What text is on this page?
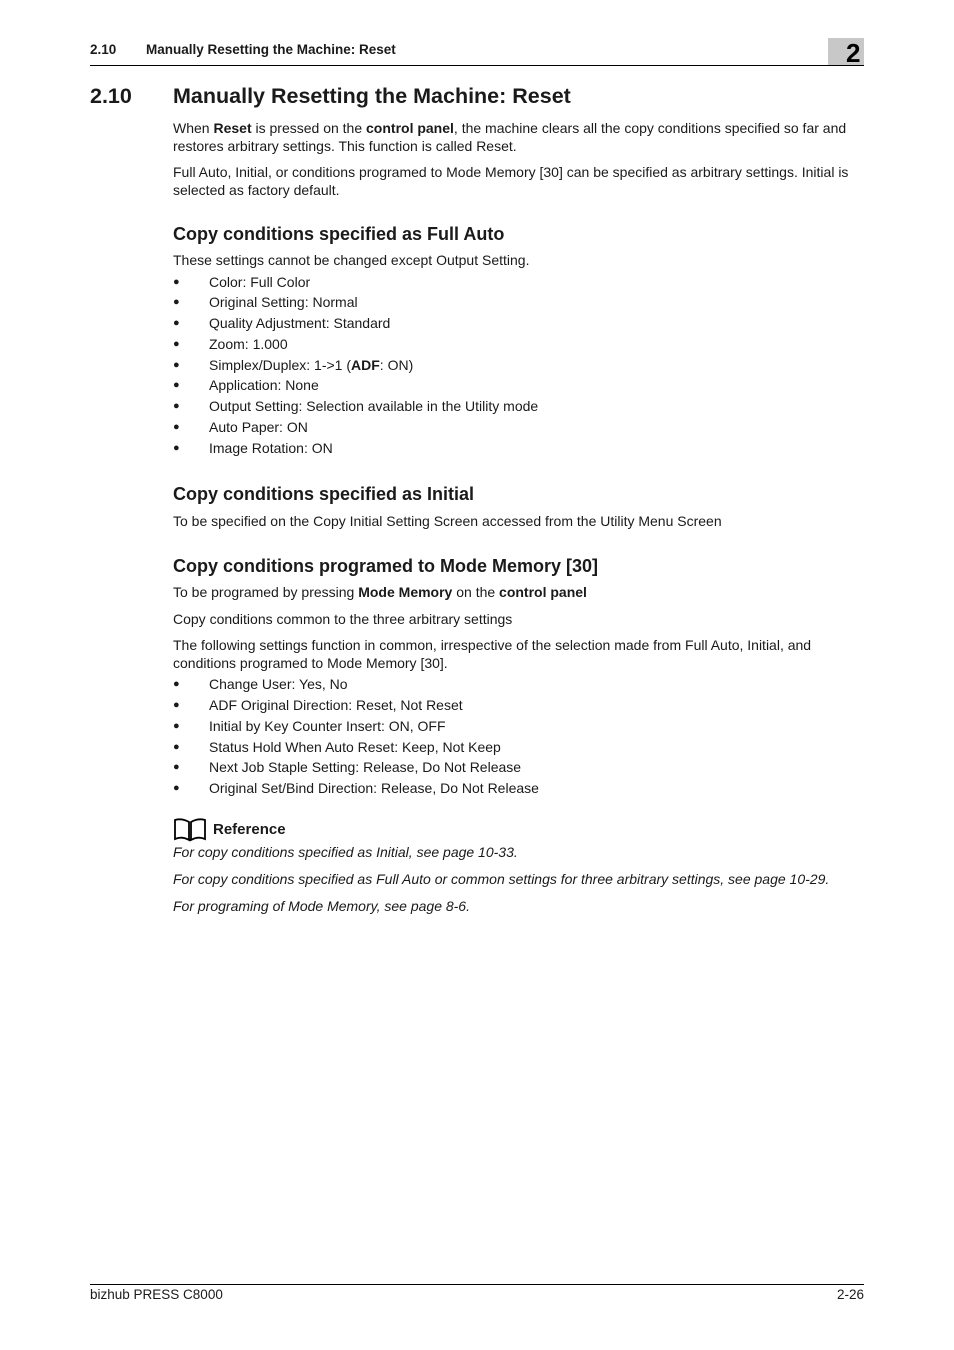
2.10 Manually Resetting the Machine: Reset	2
2.10 Manually Resetting the Machine: Reset

When Reset is pressed on the control panel, the machine clears all the copy conditions specified so far and restores arbitrary settings. This function is called Reset.

Full Auto, Initial, or conditions programed to Mode Memory [30] can be specified as arbitrary settings. Initial is selected as factory default.

Copy conditions specified as Full Auto

These settings cannot be changed except Output Setting.

● Color: Full Color
● Original Setting: Normal
● Quality Adjustment: Standard
● Zoom: 1.000
● Simplex/Duplex: 1->1 (ADF: ON)
● Application: None
● Output Setting: Selection available in the Utility mode
● Auto Paper: ON
● Image Rotation: ON
Copy conditions specified as Initial

To be specified on the Copy Initial Setting Screen accessed from the Utility Menu Screen

Copy conditions programed to Mode Memory [30]

To be programed by pressing Mode Memory on the control panel

Copy conditions common to the three arbitrary settings

The following settings function in common, irrespective of the selection made from Full Auto, Initial, and conditions programed to Mode Memory [30].

● Change User: Yes, No
● ADF Original Direction: Reset, Not Reset
● Initial by Key Counter Insert: ON, OFF
● Status Hold When Auto Reset: Keep, Not Keep
● Next Job Staple Setting: Release, Do Not Release
● Original Set/Bind Direction: Release, Do Not Release
Reference

For copy conditions specified as Initial, see page 10-33.

For copy conditions specified as Full Auto or common settings for three arbitrary settings, see page 10-29.

For programing of Mode Memory, see page 8-6.

bizhub PRESS C8000	2-26
